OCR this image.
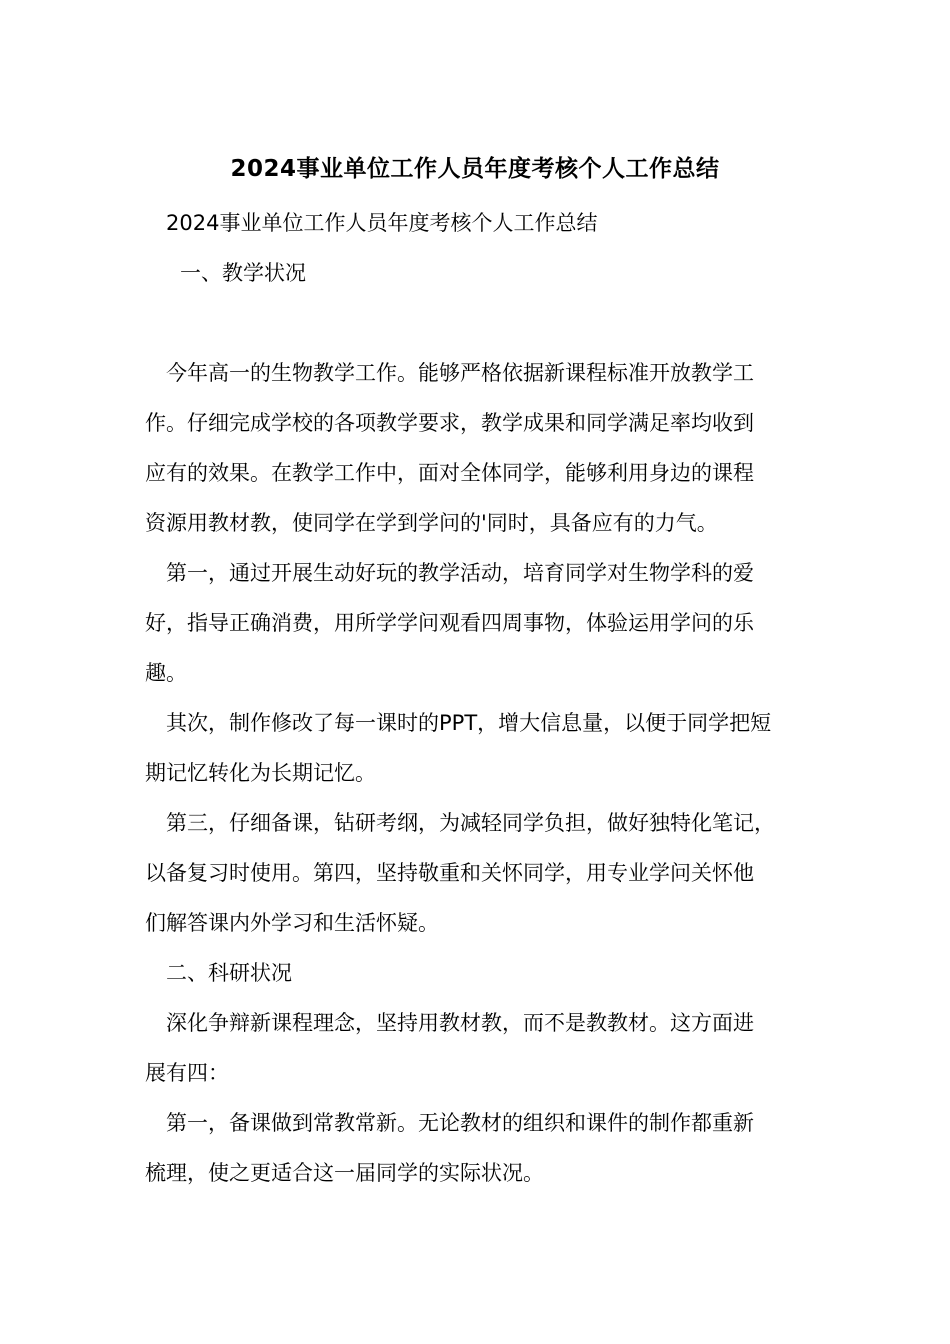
2024事业单位工作人员年度考核个人工作总结
2024事业单位工作人员年度考核个人工作总结
一、教学状况
今年高一的生物教学工作。能够严格依据新课程标准开放教学工
作。仔细完成学校的各项教学要求，教学成果和同学满足率均收到
应有的效果。在教学工作中，面对全体同学，能够利用身边的课程
资源用教材教，使同学在学到学问的'同时，具备应有的力气。
第一，通过开展生动好玩的教学活动，培育同学对生物学科的爱
好，指导正确消费，用所学学问观看四周事物，体验运用学问的乐
趣。
其次，制作修改了每一课时的PPT，增大信息量，以便于同学把短
期记忆转化为长期记忆。
第三，仔细备课，钻研考纲，为减轻同学负担，做好独特化笔记，
以备复习时使用。第四，坚持敬重和关怀同学，用专业学问关怀他
们解答课内外学习和生活怀疑。
二、科研状况
深化争辩新课程理念，坚持用教材教，而不是教教材。这方面进
展有四：
第一，备课做到常教常新。无论教材的组织和课件的制作都重新
梳理，使之更适合这一届同学的实际状况。
